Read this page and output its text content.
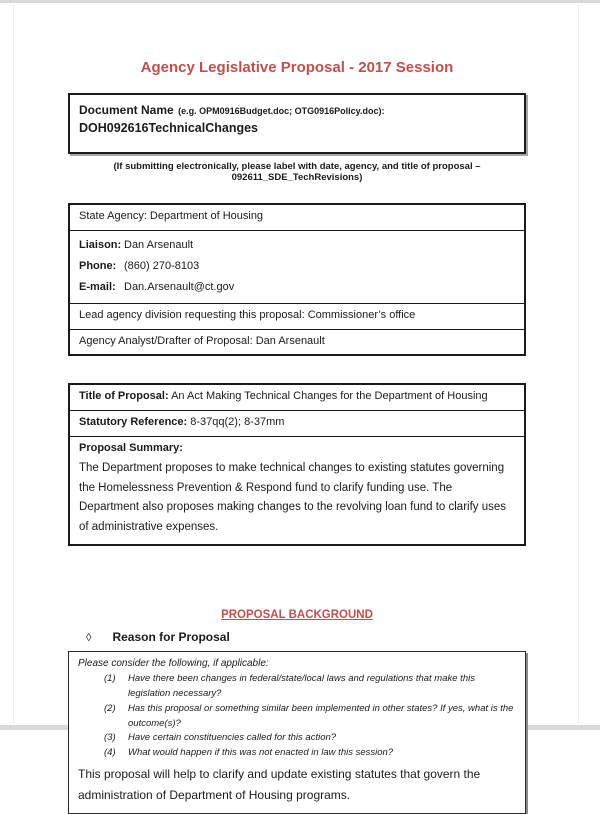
Agency Legislative Proposal - 2017 Session
Document Name (e.g. OPM0916Budget.doc; OTG0916Policy.doc): DOH092616TechnicalChanges
(If submitting electronically, please label with date, agency, and title of proposal – 092611_SDE_TechRevisions)
State Agency: Department of Housing
Liaison: Dan Arsenault
Phone: (860) 270-8103
E-mail: Dan.Arsenault@ct.gov
Lead agency division requesting this proposal: Commissioner’s office
Agency Analyst/Drafter of Proposal: Dan Arsenault
Title of Proposal: An Act Making Technical Changes for the Department of Housing
Statutory Reference: 8-37qq(2); 8-37mm
Proposal Summary:
The Department proposes to make technical changes to existing statutes governing the Homelessness Prevention & Respond fund to clarify funding use. The Department also proposes making changes to the revolving loan fund to clarify uses of administrative expenses.
PROPOSAL BACKGROUND
◊ Reason for Proposal
Please consider the following, if applicable:
(1)	Have there been changes in federal/state/local laws and regulations that make this legislation necessary?
(2)	Has this proposal or something similar been implemented in other states? If yes, what is the outcome(s)?
(3)	Have certain constituencies called for this action?
(4)	What would happen if this was not enacted in law this session?
This proposal will help to clarify and update existing statutes that govern the administration of Department of Housing programs.
